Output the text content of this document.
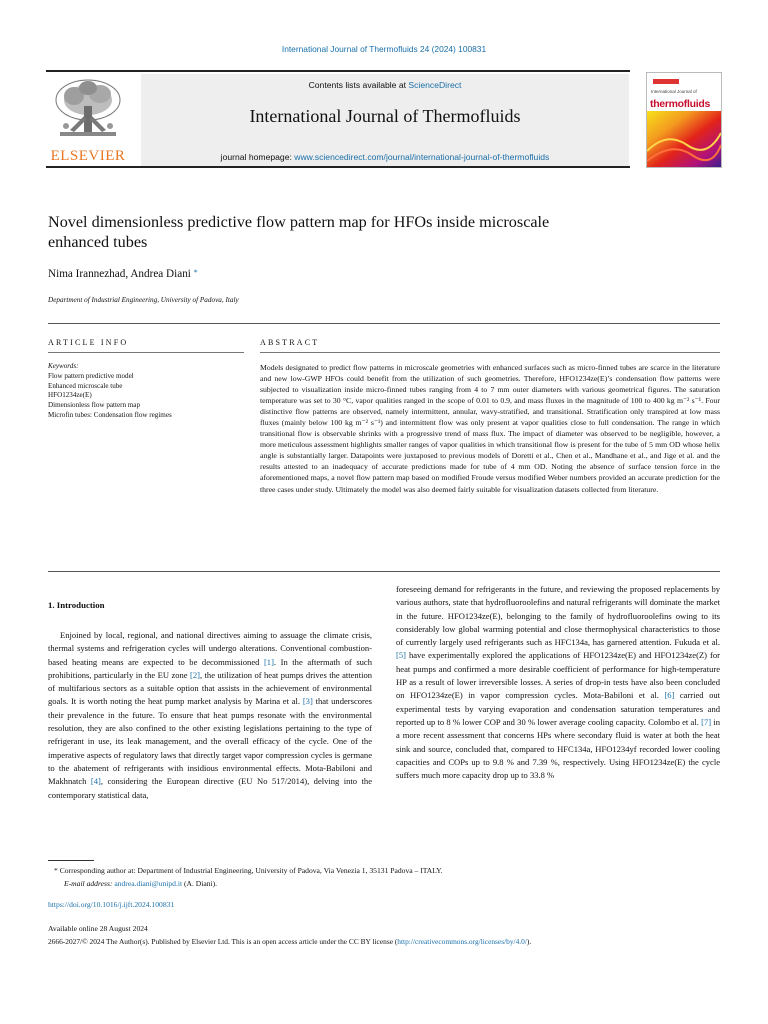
International Journal of Thermofluids 24 (2024) 100831
ELSEVIER
Contents lists available at ScienceDirect
International Journal of Thermofluids
journal homepage: www.sciencedirect.com/journal/international-journal-of-thermofluids
International Journal of
thermofluids
Novel dimensionless predictive flow pattern map for HFOs inside microscale enhanced tubes
Nima Irannezhad, Andrea Diani *
Department of Industrial Engineering, University of Padova, Italy
ARTICLE INFO	ABSTRACT
Keywords:
Flow pattern predictive model
Enhanced microscale tube
HFO1234ze(E)
Dimensionless flow pattern map
Microfin tubes: Condensation flow regimes
Models designated to predict flow patterns in microscale geometries with enhanced surfaces such as micro-finned tubes are scarce in the literature and new low-GWP HFOs could benefit from the utilization of such geometries. Therefore, HFO1234ze(E)’s condensation flow patterns were subjected to visualization inside micro-finned tubes ranging from 4 to 7 mm outer diameters with various geometrical figures. The saturation temperature was set to 30 °C, vapor qualities ranged in the scope of 0.01 to 0.9, and mass fluxes in the magnitude of 100 to 400 kg m⁻² s⁻¹. Four distinctive flow patterns are observed, namely intermittent, annular, wavy-stratified, and transitional. Stratification only transpired at low mass fluxes (mainly below 100 kg m⁻² s⁻¹) and intermittent flow was only present at vapor qualities close to full condensation. The range in which transitional flow is observable shrinks with a progressive trend of mass flux. The impact of diameter was observed to be negligible, however, a more meticulous assessment highlights smaller ranges of vapor qualities in which transitional flow is present for the tube of 5 mm OD whose helix angle is substantially larger. Datapoints were juxtaposed to previous models of Doretti et al., Chen et al., Mandhane et al., and Jige et al. and the results attested to an inadequacy of accurate predictions made for tube of 4 mm OD. Noting the absence of surface tension force in the aforementioned maps, a novel flow pattern map based on modified Froude versus modified Weber numbers provided an accurate prediction for the three cases under study. Ultimately the model was also deemed fairly suitable for visualization datasets collected from literature.
1. Introduction
Enjoined by local, regional, and national directives aiming to assuage the climate crisis, thermal systems and refrigeration cycles will undergo alterations. Conventional combustion-based heating means are expected to be decommissioned [1]. In the aftermath of such prohibitions, particularly in the EU zone [2], the utilization of heat pumps drives the attention of multifarious sectors as a suitable option that assists in the achievement of environmental goals. It is worth noting the heat pump market analysis by Marina et al. [3] that underscores their prevalence in the future. To ensure that heat pumps resonate with the environmental resolution, they are also confined to the other existing legislations pertaining to the type of refrigerant in use, its leak management, and the overall efficacy of the cycle. One of the imperative aspects of regulatory laws that directly target vapor compression cycles is germane to the abatement of refrigerants with insidious environmental effects. Mota-Babiloni and Makhnatch [4], considering the European directive (EU No 517/2014), delving into the contemporary statistical data,
foreseeing demand for refrigerants in the future, and reviewing the proposed replacements by various authors, state that hydrofluoroolefins and natural refrigerants will dominate the market in the future. HFO1234ze(E), belonging to the family of hydrofluoroolefins owing to its considerably low global warming potential and close thermophysical characteristics to those of currently largely used refrigerants such as HFC134a, has garnered attention. Fukuda et al. [5] have experimentally explored the applications of HFO1234ze(E) and HFO1234ze(Z) for heat pumps and confirmed a more desirable coefficient of performance for high-temperature HP as a result of lower irreversible losses. A series of drop-in tests have also been concluded on HFO1234ze(E) in vapor compression cycles. Mota-Babiloni et al. [6] carried out experimental tests by varying evaporation and condensation saturation temperatures and reported up to 8 % lower COP and 30 % lower average cooling capacity. Colombo et al. [7] in a more recent assessment that concerns HPs where secondary fluid is water at both the heat sink and source, concluded that, compared to HFC134a, HFO1234yf recorded lower cooling capacities and COPs up to 9.8 % and 7.39 %, respectively. Using HFO1234ze(E) the cycle suffers much more capacity drop up to 33.8 %
* Corresponding author at: Department of Industrial Engineering, University of Padova, Via Venezia 1, 35131 Padova – ITALY.
E-mail address: andrea.diani@unipd.it (A. Diani).
https://doi.org/10.1016/j.ijft.2024.100831
Available online 28 August 2024
2666-2027/© 2024 The Author(s). Published by Elsevier Ltd. This is an open access article under the CC BY license (http://creativecommons.org/licenses/by/4.0/).
